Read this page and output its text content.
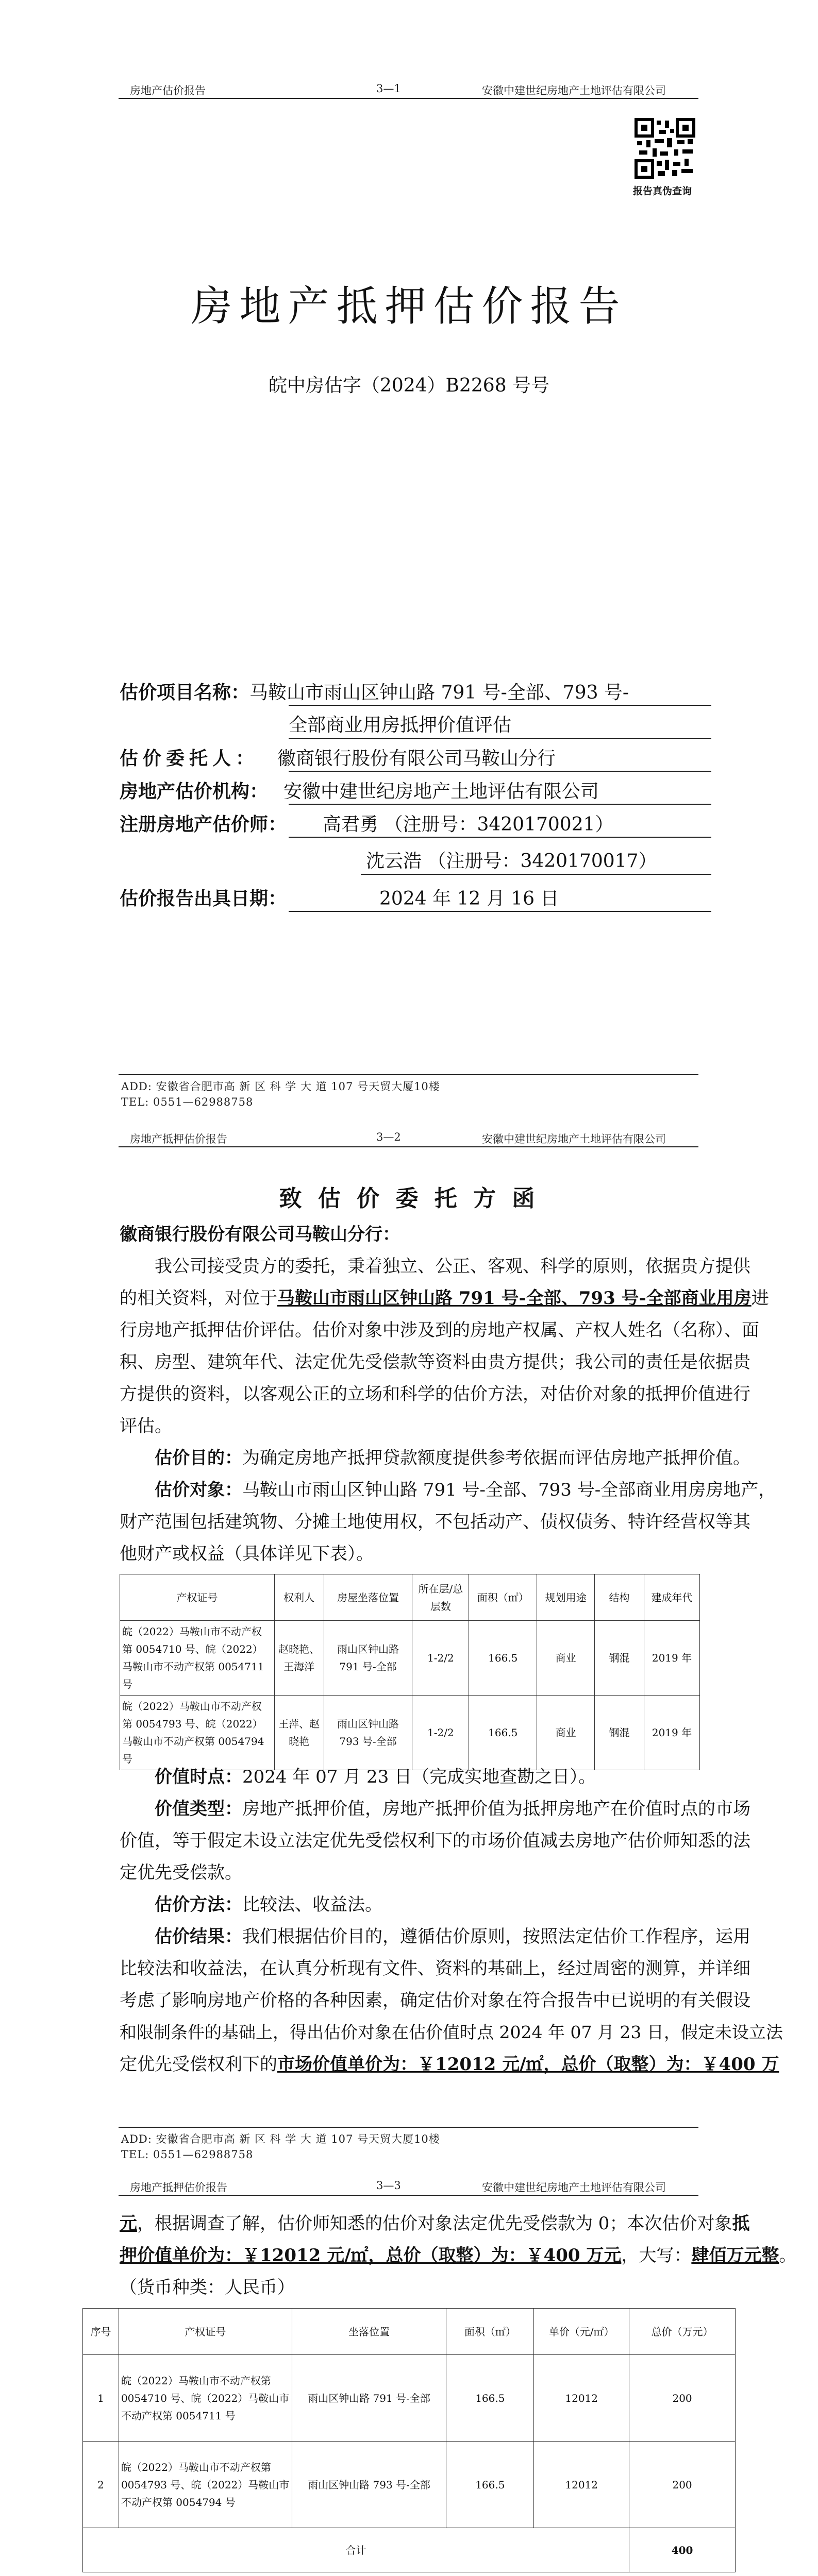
房地产估价报告	3—1	安徽中建世纪房地产土地评估有限公司
报告真伪查询
房地产抵押估价报告
皖中房估字（2024）B2268 号号
估价项目名称：马鞍山市雨山区钟山路 791 号-全部、793 号-
全部商业用房抵押价值评估
估价委托人： 徽商银行股份有限公司马鞍山分行
房地产估价机构： 安徽中建世纪房地产土地评估有限公司
注册房地产估价师： 高君勇 （注册号：3420170021）
沈云浩 （注册号：3420170017）
估价报告出具日期：	2024 年 12 月 16 日
ADD: 安徽省合肥市高 新 区 科 学 大 道 107 号天贸大厦10楼
TEL: 0551—62988758
房地产抵押估价报告	3—2	安徽中建世纪房地产土地评估有限公司
致 估 价 委 托 方 函
徽商银行股份有限公司马鞍山分行：
我公司接受贵方的委托，秉着独立、公正、客观、科学的原则，依据贵方提供
的相关资料，对位于马鞍山市雨山区钟山路 791 号-全部、793 号-全部商业用房进
行房地产抵押估价评估。估价对象中涉及到的房地产权属、产权人姓名（名称）、面
积、房型、建筑年代、法定优先受偿款等资料由贵方提供；我公司的责任是依据贵
方提供的资料，以客观公正的立场和科学的估价方法，对估价对象的抵押价值进行
评估。
估价目的：为确定房地产抵押贷款额度提供参考依据而评估房地产抵押价值。
估价对象：马鞍山市雨山区钟山路 791 号-全部、793 号-全部商业用房房地产，
财产范围包括建筑物、分摊土地使用权，不包括动产、债权债务、特许经营权等其
他财产或权益（具体详见下表）。
产权证号	权利人	房屋坐落位置	所在层/总层数	面积（㎡）	规划用途	结构	建成年代
皖（2022）马鞍山市不动产权第 0054710 号、皖（2022）马鞍山市不动产权第 0054711 号	赵晓艳、王海洋	雨山区钟山路 791 号-全部	1-2/2	166.5	商业	钢混	2019 年
皖（2022）马鞍山市不动产权第 0054793 号、皖（2022）马鞍山市不动产权第 0054794 号	王萍、赵晓艳	雨山区钟山路 793 号-全部	1-2/2	166.5	商业	钢混	2019 年
价值时点：2024 年 07 月 23 日（完成实地查勘之日）。
价值类型：房地产抵押价值，房地产抵押价值为抵押房地产在价值时点的市场
价值，等于假定未设立法定优先受偿权利下的市场价值减去房地产估价师知悉的法
定优先受偿款。
估价方法：比较法、收益法。
估价结果：我们根据估价目的，遵循估价原则，按照法定估价工作程序，运用
比较法和收益法，在认真分析现有文件、资料的基础上，经过周密的测算，并详细
考虑了影响房地产价格的各种因素，确定估价对象在符合报告中已说明的有关假设
和限制条件的基础上，得出估价对象在估价值时点 2024 年 07 月 23 日，假定未设立法
定优先受偿权利下的市场价值单价为：￥12012 元/㎡，总价（取整）为：￥400 万
ADD: 安徽省合肥市高 新 区 科 学 大 道 107 号天贸大厦10楼
TEL: 0551—62988758
房地产抵押估价报告	3—3	安徽中建世纪房地产土地评估有限公司
元，根据调查了解，估价师知悉的估价对象法定优先受偿款为 0；本次估价对象抵
押价值单价为：￥12012 元/㎡，总价（取整）为：￥400 万元，大写：肆佰万元整。
（货币种类：人民币）
序号	产权证号	坐落位置	面积（㎡）	单价（元/㎡）	总价（万元）
1	皖（2022）马鞍山市不动产权第 0054710 号、皖（2022）马鞍山市不动产权第 0054711 号	雨山区钟山路 791 号-全部	166.5	12012	200
2	皖（2022）马鞍山市不动产权第 0054793 号、皖（2022）马鞍山市不动产权第 0054794 号	雨山区钟山路 793 号-全部	166.5	12012	200
合计					400
